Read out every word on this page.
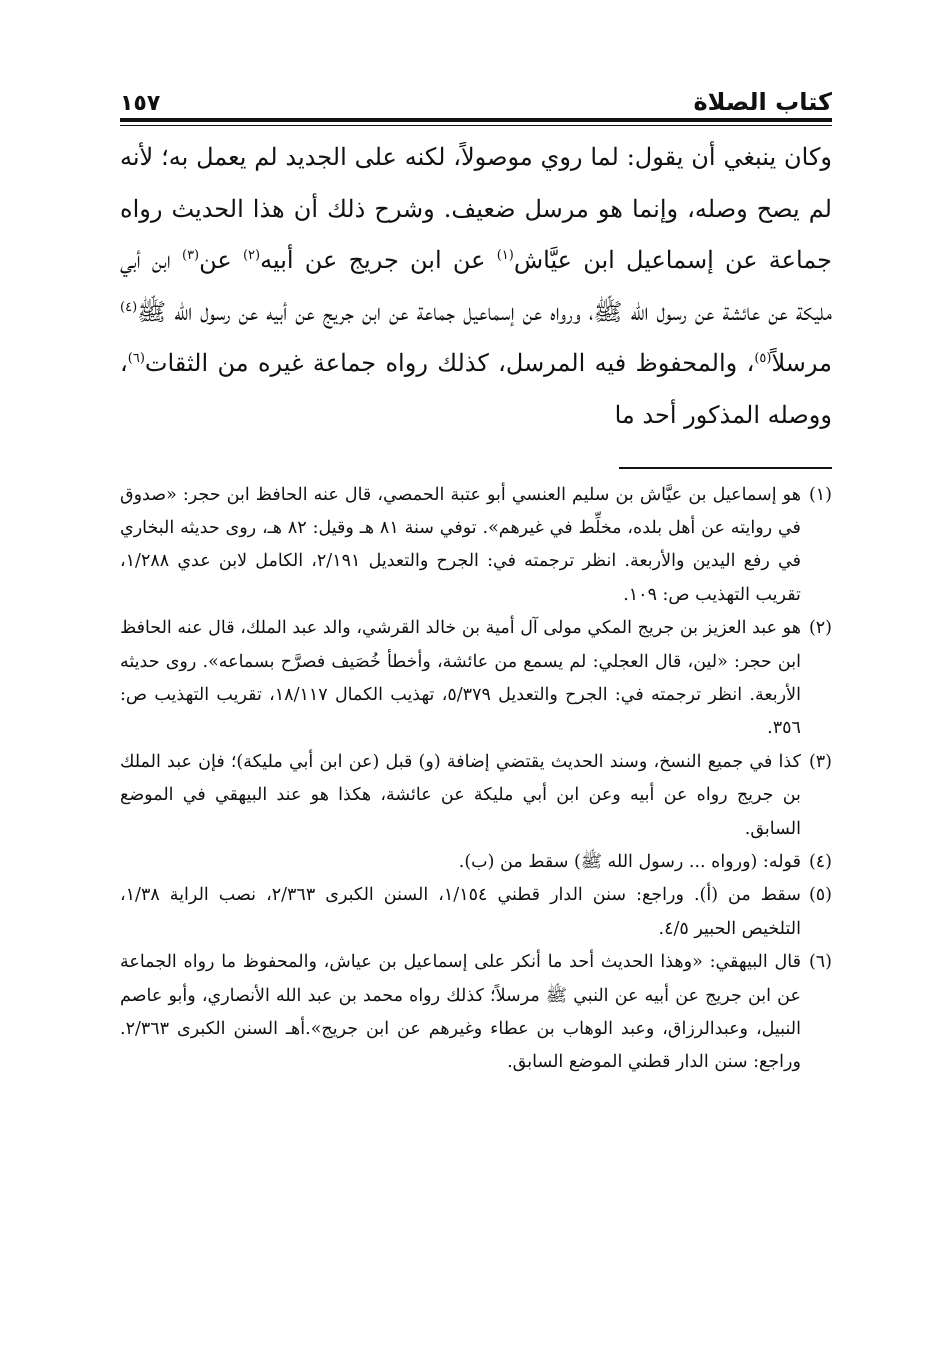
كتاب الصلاة
١٥٧

وكان ينبغي أن يقول: لما روي موصولاً، لكنه على الجديد لم يعمل به؛ لأنه لم يصح وصله، وإنما هو مرسل ضعيف. وشرح ذلك أن هذا الحديث رواه جماعة عن إسماعيل ابن عيَّاش$^{(١)}$ عن ابن جريج عن أبيه$^{(٢)}$ عن$^{(٣)}$ ابن أبي مليكة عن عائشة عن رسول الله ﷺ، ورواه عن إسماعيل جماعة عن ابن جريج عن أبيه عن رسول الله ﷺ$^{(٤)}$ مرسلاً$^{(٥)}$، والمحفوظ فيه المرسل، كذلك رواه جماعة غيره من الثقات$^{(٦)}$، ووصله المذكور أحد ما

(١)
هو إسماعيل بن عيَّاش بن سليم العنسي أبو عتبة الحمصي، قال عنه الحافظ ابن حجر: «صدوق في روايته عن أهل بلده، مخلِّط في غيرهم». توفي سنة ٨١ هـ وقيل: ٨٢ هـ، روى حديثه البخاري في رفع اليدين والأربعة. انظر ترجمته في: الجرح والتعديل ٢/١٩١، الكامل لابن عدي ١/٢٨٨، تقريب التهذيب ص: ١٠٩.
(٢)
هو عبد العزيز بن جريج المكي مولى آل أمية بن خالد القرشي، والد عبد الملك، قال عنه الحافظ ابن حجر: «لين، قال العجلي: لم يسمع من عائشة، وأخطأ خُصَيف فصرَّح بسماعه». روى حديثه الأربعة. انظر ترجمته في: الجرح والتعديل ٥/٣٧٩، تهذيب الكمال ١٨/١١٧، تقريب التهذيب ص: ٣٥٦.
(٣)
كذا في جميع النسخ، وسند الحديث يقتضي إضافة (و) قبل (عن ابن أبي مليكة)؛ فإن عبد الملك بن جريج رواه عن أبيه وعن ابن أبي مليكة عن عائشة، هكذا هو عند البيهقي في الموضع السابق.
(٤)
قوله: (ورواه ... رسول الله ﷺ) سقط من (ب).
(٥)
سقط من (أ). وراجع: سنن الدار قطني ١/١٥٤، السنن الكبرى ٢/٣٦٣، نصب الراية ١/٣٨، التلخيص الحبير ٤/٥.
(٦)
قال البيهقي: «وهذا الحديث أحد ما أنكر على إسماعيل بن عياش، والمحفوظ ما رواه الجماعة عن ابن جريج عن أبيه عن النبي ﷺ مرسلاً؛ كذلك رواه محمد بن عبد الله الأنصاري، وأبو عاصم النبيل، وعبدالرزاق، وعبد الوهاب بن عطاء وغيرهم عن ابن جريج».أهـ السنن الكبرى ٢/٣٦٣. وراجع: سنن الدار قطني الموضع السابق.
